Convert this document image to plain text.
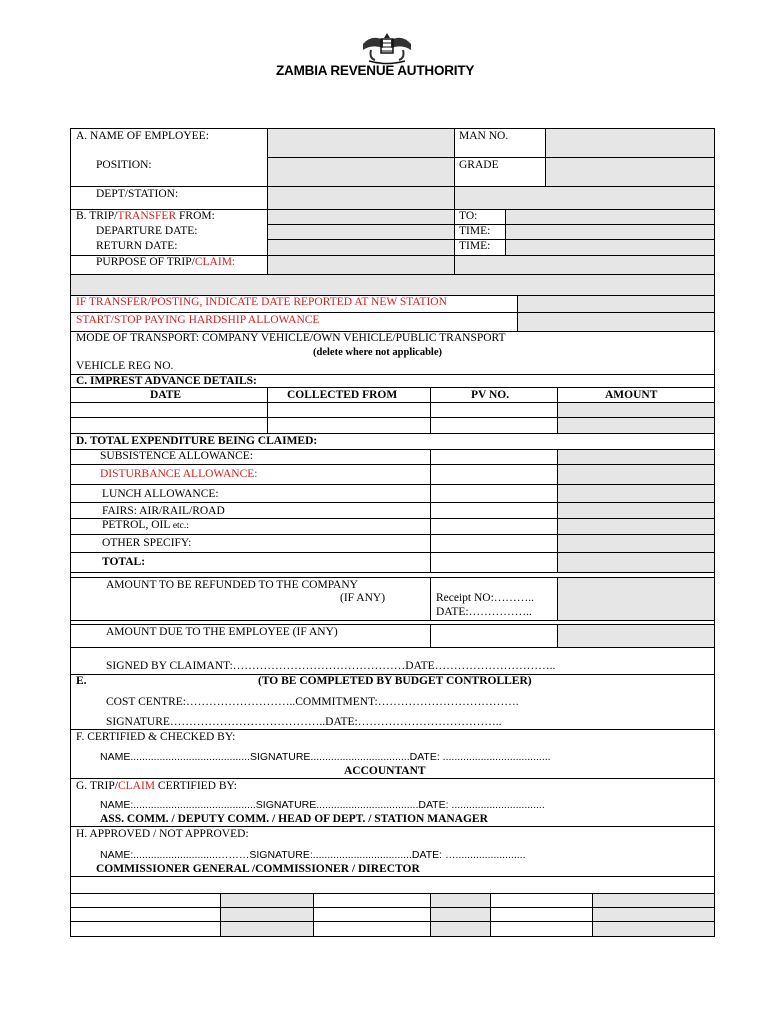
ZAMBIA REVENUE AUTHORITY
A. NAME OF EMPLOYEE:	MAN NO.
POSITION:	GRADE
DEPT/STATION:
B. TRIP/TRANSFER FROM:	TO:
DEPARTURE DATE:	TIME:
RETURN DATE:	TIME:
PURPOSE OF TRIP/CLAIM:
IF TRANSFER/POSTING, INDICATE DATE REPORTED AT NEW STATION
START/STOP PAYING HARDSHIP ALLOWANCE
MODE OF TRANSPORT: COMPANY VEHICLE/OWN VEHICLE/PUBLIC TRANSPORT
(delete where not applicable)
VEHICLE REG NO.
C. IMPREST ADVANCE DETAILS:
DATE	COLLECTED FROM	PV NO.	AMOUNT
D. TOTAL EXPENDITURE BEING CLAIMED:
SUBSISTENCE ALLOWANCE:
DISTURBANCE ALLOWANCE:
LUNCH ALLOWANCE:
FAIRS: AIR/RAIL/ROAD
PETROL, OIL etc.:
OTHER SPECIFY:
TOTAL:
AMOUNT TO BE REFUNDED TO THE COMPANY
(IF ANY)	Receipt NO:………..
DATE:……………..
AMOUNT DUE TO THE EMPLOYEE (IF ANY)
SIGNED BY CLAIMANT:………………………………………DATE…………………………..
E.	(TO BE COMPLETED BY BUDGET CONTROLLER)
COST CENTRE:………………………..COMMITMENT:……………………………….
SIGNATURE…………………………………..DATE:………………………………..
F. CERTIFIED & CHECKED BY:
NAME.........................................SIGNATURE..................................DATE: .....................................
ACCOUNTANT
G. TRIP/CLAIM CERTIFIED BY:
NAME:..........................................SIGNATURE...................................DATE: ................................
ASS. COMM. / DEPUTY COMM. / HEAD OF DEPT. / STATION MANAGER
H. APPROVED / NOT APPROVED:
NAME:.............................………SIGNATURE:..................................DATE: …........................
COMMISSIONER GENERAL /COMMISSIONER / DIRECTOR
